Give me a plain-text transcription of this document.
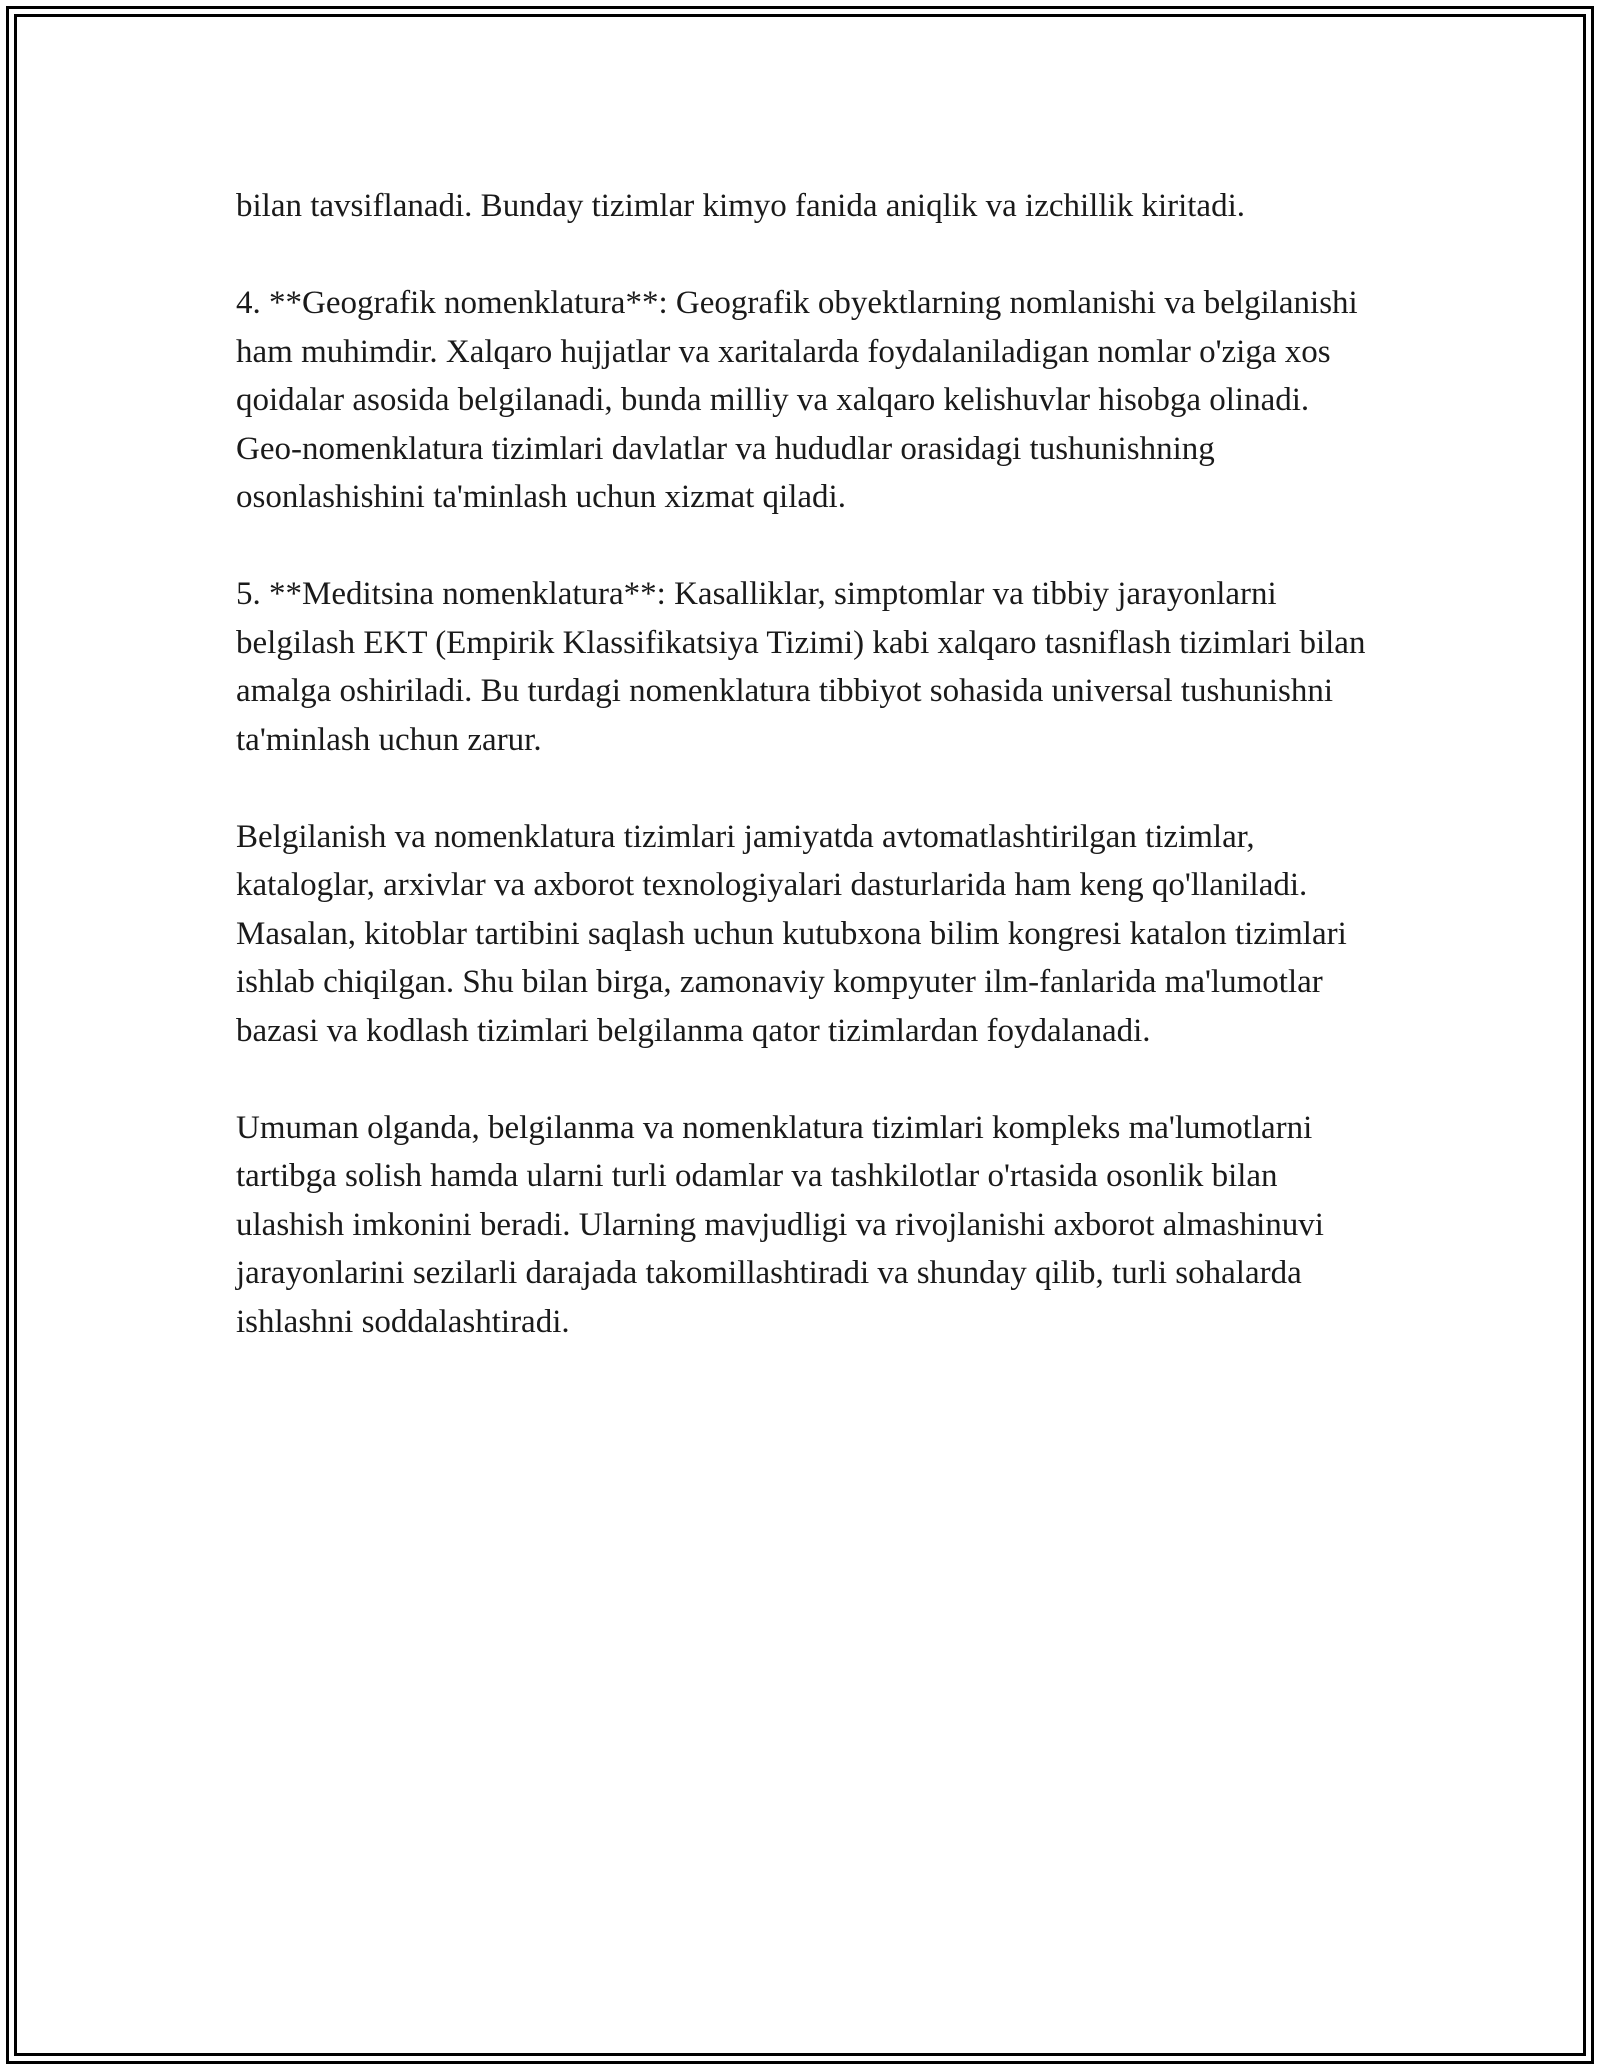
bilan tavsiflanadi. Bunday tizimlar kimyo fanida aniqlik va izchillik kiritadi.

4. **Geografik nomenklatura**: Geografik obyektlarning nomlanishi va belgilanishi ham muhimdir. Xalqaro hujjatlar va xaritalarda foydalaniladigan nomlar o'ziga xos qoidalar asosida belgilanadi, bunda milliy va xalqaro kelishuvlar hisobga olinadi. Geo-nomenklatura tizimlari davlatlar va hududlar orasidagi tushunishning osonlashishini ta'minlash uchun xizmat qiladi.

5. **Meditsina nomenklatura**: Kasalliklar, simptomlar va tibbiy jarayonlarni belgilash EKT (Empirik Klassifikatsiya Tizimi) kabi xalqaro tasniflash tizimlari bilan amalga oshiriladi. Bu turdagi nomenklatura tibbiyot sohasida universal tushunishni ta'minlash uchun zarur.

Belgilanish va nomenklatura tizimlari jamiyatda avtomatlashtirilgan tizimlar, kataloglar, arxivlar va axborot texnologiyalari dasturlarida ham keng qo'llaniladi. Masalan, kitoblar tartibini saqlash uchun kutubxona bilim kongresi katalon tizimlari ishlab chiqilgan. Shu bilan birga, zamonaviy kompyuter ilm-fanlarida ma'lumotlar bazasi va kodlash tizimlari belgilanma qator tizimlardan foydalanadi.

Umuman olganda, belgilanma va nomenklatura tizimlari kompleks ma'lumotlarni tartibga solish hamda ularni turli odamlar va tashkilotlar o'rtasida osonlik bilan ulashish imkonini beradi. Ularning mavjudligi va rivojlanishi axborot almashinuvi jarayonlarini sezilarli darajada takomillashtiradi va shunday qilib, turli sohalarda ishlashni soddalashtiradi.
